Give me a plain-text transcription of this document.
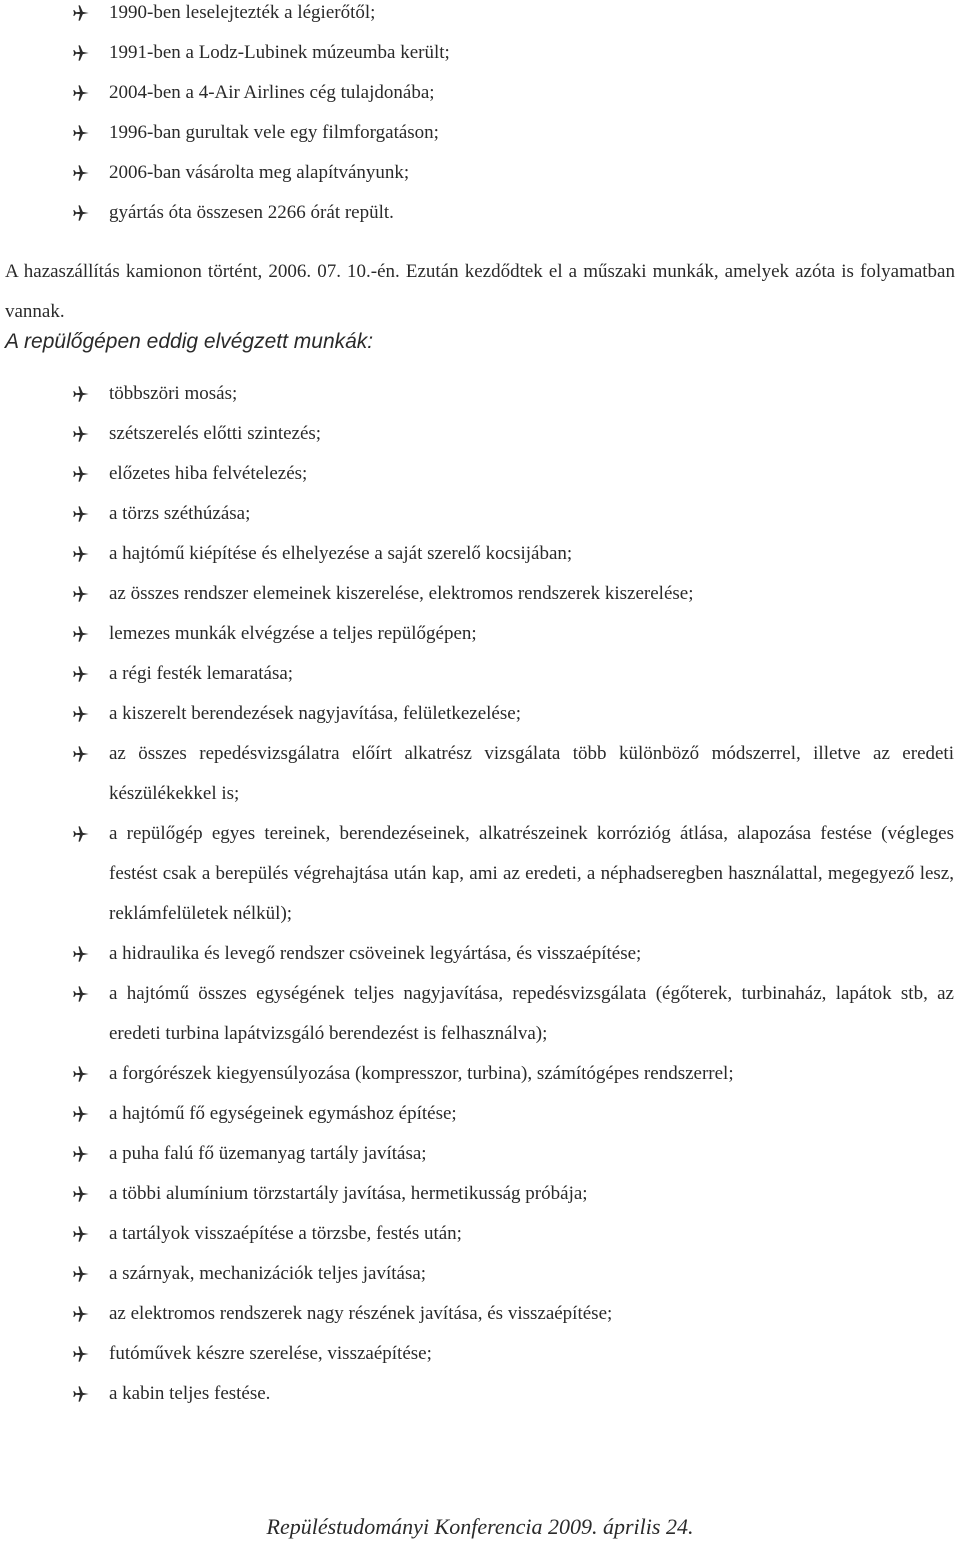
1990-ben leselejtezték a légierőtől;
1991-ben a Lodz-Lubinek múzeumba került;
2004-ben a 4-Air Airlines cég tulajdonába;
1996-ban gurultak vele egy filmforgatáson;
2006-ban vásárolta meg alapítványunk;
gyártás óta összesen 2266 órát repült.

A hazaszállítás kamionon történt, 2006. 07. 10.-én. Ezután kezdődtek el a műszaki munkák, amelyek azóta is folyamatban vannak.

A repülőgépen eddig elvégzett munkák:
többszöri mosás;
szétszerelés előtti szintezés;
előzetes hiba felvételezés;
a törzs széthúzása;
a hajtómű kiépítése és elhelyezése a saját szerelő kocsijában;
az összes rendszer elemeinek kiszerelése, elektromos rendszerek kiszerelése;
lemezes munkák elvégzése a teljes repülőgépen;
a régi festék lemaratása;
a kiszerelt berendezések nagyjavítása, felületkezelése;
az összes repedésvizsgálatra előírt alkatrész vizsgálata több különböző módszerrel, illetve az eredeti készülékekkel is;
a repülőgép egyes tereinek, berendezéseinek, alkatrészeinek korrózióg átlása, alapozása festése (végleges festést csak a berepülés végrehajtása után kap, ami az eredeti, a néphadseregben használattal, megegyező lesz, reklámfelületek nélkül);
a hidraulika és levegő rendszer csöveinek legyártása, és visszaépítése;
a hajtómű összes egységének teljes nagyjavítása, repedésvizsgálata (égőterek, turbinaház, lapátok stb, az eredeti turbina lapátvizsgáló berendezést is felhasználva);
a forgórészek kiegyensúlyozása (kompresszor, turbina), számítógépes rendszerrel;
a hajtómű fő egységeinek egymáshoz építése;
a puha falú fő üzemanyag tartály javítása;
a többi alumínium törzstartály javítása, hermetikusság próbája;
a tartályok visszaépítése a törzsbe, festés után;
a szárnyak, mechanizációk teljes javítása;
az elektromos rendszerek nagy részének javítása, és visszaépítése;
futóművek készre szerelése, visszaépítése;
a kabin teljes festése.
Repüléstudományi Konferencia 2009. április 24.
